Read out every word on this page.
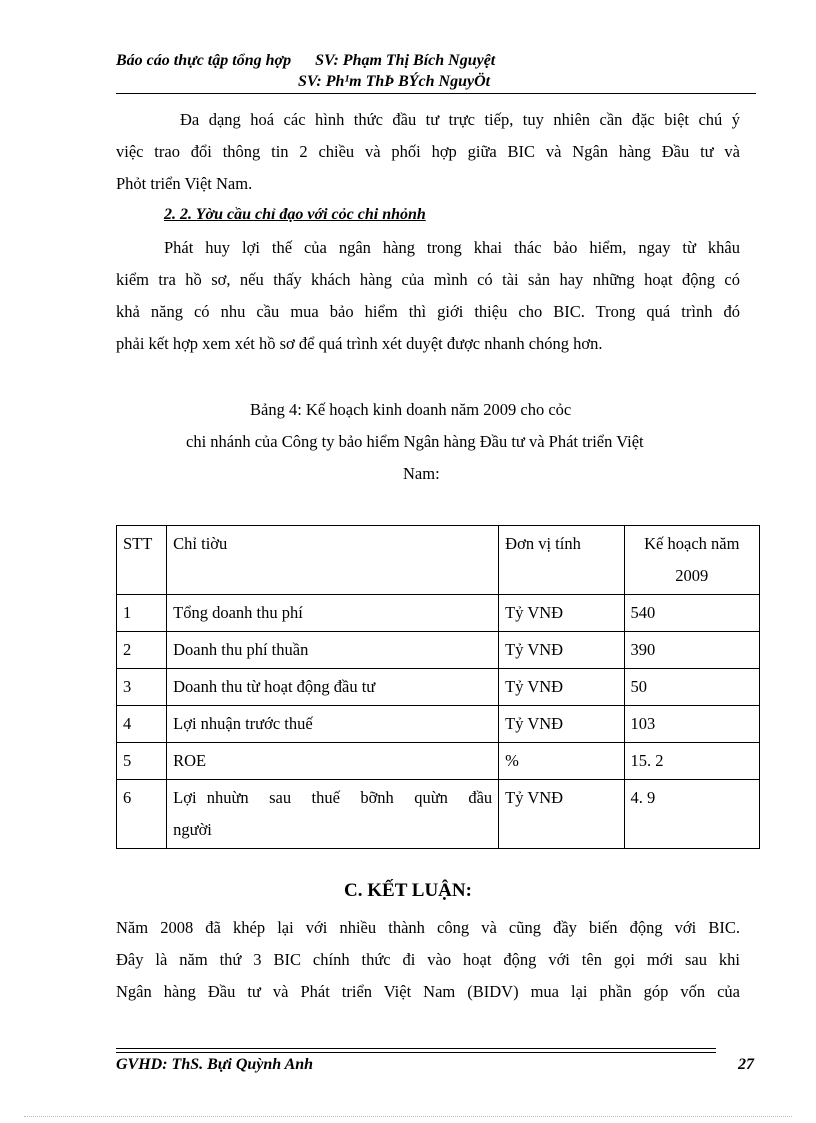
Báo cáo thực tập tổng hợp      SV: Phạm Thị Bích Nguyệt
SV: Ph¹m ThÞ BÝch NguyÖt
Đa dạng hoá các hình thức đầu tư trực tiếp, tuy nhiên cần đặc biệt chú ý
việc trao đổi thông tin 2 chiều và phối hợp giữa BIC và Ngân hàng Đầu tư và
Phỏt triển Việt Nam.
2. 2. Yờu cầu chỉ đạo với cỏc chi nhỏnh
Phát huy lợi thế của ngân hàng trong khai thác bảo hiểm, ngay từ khâu
kiểm tra hồ sơ, nếu thấy khách hàng của mình có tài sản hay những hoạt động có
khả năng có nhu cầu mua bảo hiểm thì giới thiệu cho BIC. Trong quá trình đó
phải kết hợp xem xét hồ sơ để quá trình xét duyệt được nhanh chóng hơn.
Bảng 4: Kế hoạch kinh doanh năm 2009 cho cỏc
chi nhánh của Công ty bảo hiểm Ngân hàng Đầu tư và Phát triển Việt
Nam:
STT	Chỉ tiờu	Đơn vị tính	Kế hoạch năm
2009

1	Tổng doanh thu phí	Tỷ VNĐ	540
2	Doanh thu phí thuần	Tỷ VNĐ	390
3	Doanh thu từ hoạt động đầu tư	Tỷ VNĐ	50
4	Lợi nhuận trước thuế	Tỷ VNĐ	103
5	ROE	%	15. 2
6	Lợi nhuừn  sau  thuế  bỡnh  quừn  đầu
người	Tỷ VNĐ	4. 9
C. KẾT LUẬN:
Năm 2008 đã khép lại với nhiều thành công và cũng đầy biến động với BIC.
Đây là năm thứ 3 BIC chính thức đi vào hoạt động với tên gọi mới sau khi
Ngân hàng Đầu tư và Phát triển Việt Nam (BIDV) mua lại phần góp vốn của
GVHD: ThS. Bựi Quỳnh Anh	27
